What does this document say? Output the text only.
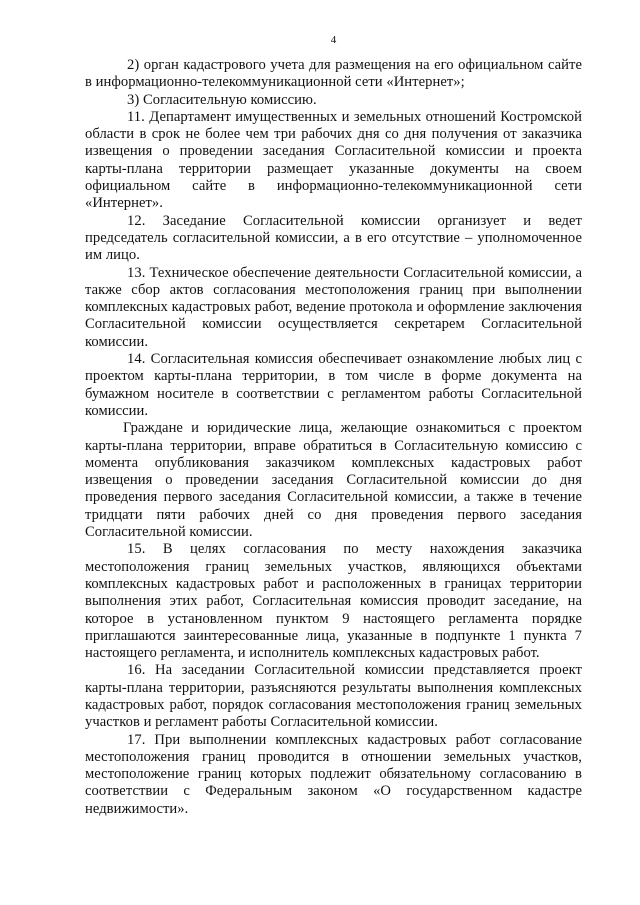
4

2) орган кадастрового учета для размещения на его официальном сайте в информационно-телекоммуникационной сети «Интернет»;

3) Согласительную комиссию.

11. Департамент имущественных и земельных отношений Костромской области в срок не более чем три рабочих дня со дня получения от заказчика извещения о проведении заседания Согласительной комиссии и проекта карты-плана территории размещает указанные документы на своем официальном сайте в информационно-телекоммуникационной сети «Интернет».

12. Заседание Согласительной комиссии организует и ведет председатель согласительной комиссии, а в его отсутствие – уполномоченное им лицо.

13. Техническое обеспечение деятельности Согласительной комиссии, а также сбор актов согласования местоположения границ при выполнении комплексных кадастровых работ, ведение протокола и оформление заключения Согласительной комиссии осуществляется секретарем Согласительной комиссии.

14. Согласительная комиссия обеспечивает ознакомление любых лиц с проектом карты-плана территории, в том числе в форме документа на бумажном носителе в соответствии с регламентом работы Согласительной комиссии.

Граждане и юридические лица, желающие ознакомиться с проектом карты-плана территории, вправе обратиться в Согласительную комиссию с момента опубликования заказчиком комплексных кадастровых работ извещения о проведении заседания Согласительной комиссии до дня проведения первого заседания Согласительной комиссии, а также в течение тридцати пяти рабочих дней со дня проведения первого заседания Согласительной комиссии.

15. В целях согласования по месту нахождения заказчика местоположения границ земельных участков, являющихся объектами комплексных кадастровых работ и расположенных в границах территории выполнения этих работ, Согласительная комиссия проводит заседание, на которое в установленном пунктом 9 настоящего регламента порядке приглашаются заинтересованные лица, указанные в подпункте 1 пункта 7 настоящего регламента, и исполнитель комплексных кадастровых работ.

16. На заседании Согласительной комиссии представляется проект карты-плана территории, разъясняются результаты выполнения комплексных кадастровых работ, порядок согласования местоположения границ земельных участков и регламент работы Согласительной комиссии.

17. При выполнении комплексных кадастровых работ согласование местоположения границ проводится в отношении земельных участков, местоположение границ которых подлежит обязательному согласованию в соответствии с Федеральным законом «О государственном кадастре недвижимости».
